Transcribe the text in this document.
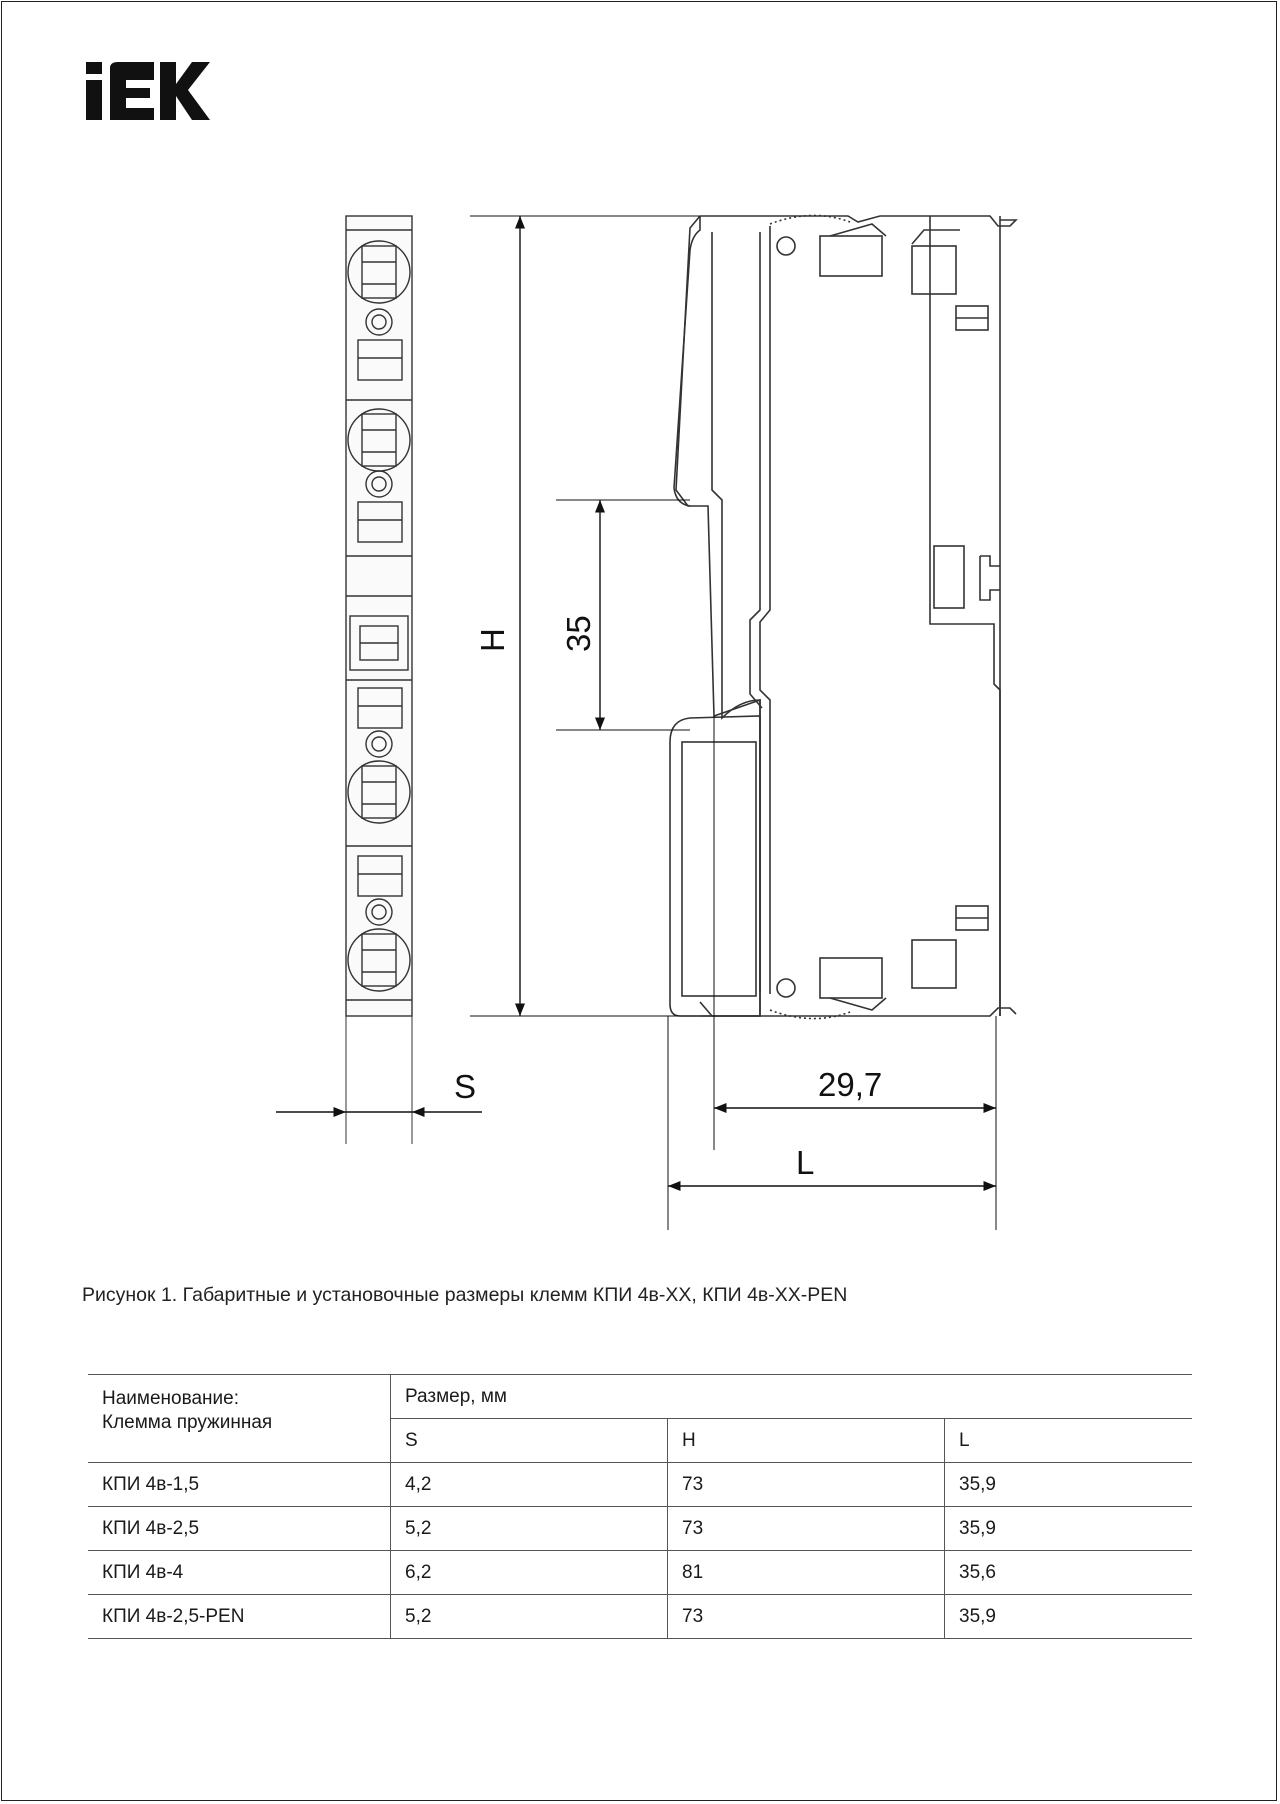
S
H 35
29,7
L
Рисунок 1. Габаритные и установочные размеры клемм КПИ 4в-ХХ, КПИ 4в-ХХ-PEN
Наименование:
Клемма пружинная	Размер, мм		
	S	H	L
КПИ 4в-1,5	4,2	73	35,9
КПИ 4в-2,5	5,2	73	35,9
КПИ 4в-4	6,2	81	35,6
КПИ 4в-2,5-PEN	5,2	73	35,9
